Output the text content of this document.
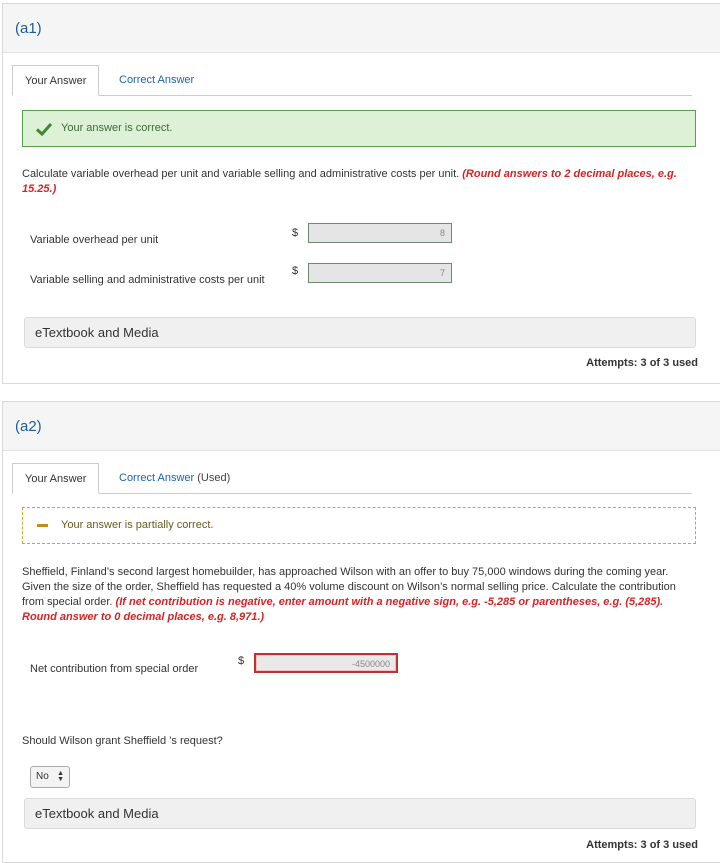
(a1)
Your Answer	Correct Answer
Your answer is correct.
Calculate variable overhead per unit and variable selling and administrative costs per unit. (Round answers to 2 decimal places, e.g. 15.25.)
Variable overhead per unit
$	8
Variable selling and administrative costs per unit
$	7
eTextbook and Media
Attempts: 3 of 3 used
(a2)
Your Answer	Correct Answer (Used)
Your answer is partially correct.
Sheffield, Finland’s second largest homebuilder, has approached Wilson with an offer to buy 75,000 windows during the coming year. Given the size of the order, Sheffield has requested a 40% volume discount on Wilson’s normal selling price. Calculate the contribution from special order. (If net contribution is negative, enter amount with a negative sign, e.g. -5,285 or parentheses, e.g. (5,285). Round answer to 0 decimal places, e.g. 8,971.)
Net contribution from special order
$	-4500000
Should Wilson grant Sheffield ’s request?
No ▲
▼
eTextbook and Media
Attempts: 3 of 3 used
